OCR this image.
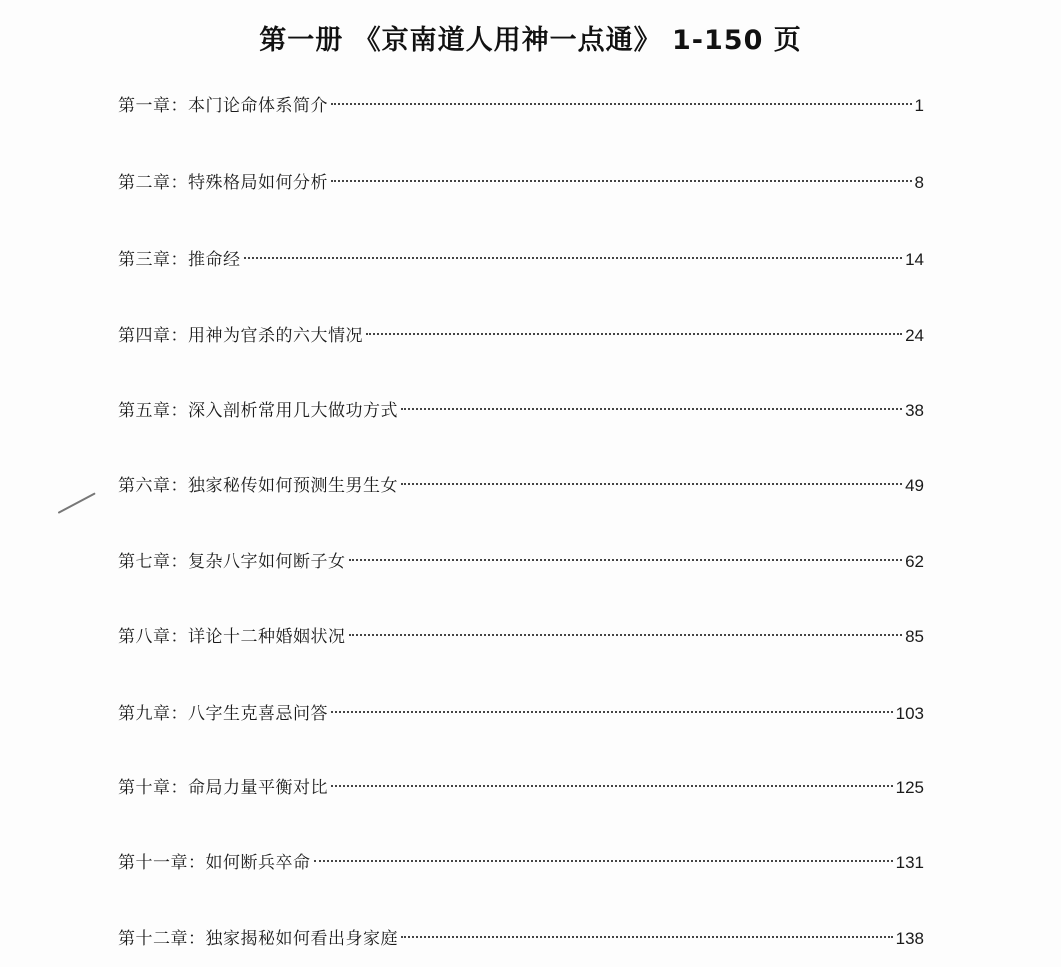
第一册 《京南道人用神一点通》 1-150 页
第一章：本门论命体系简介	1
第二章：特殊格局如何分析	8
第三章：推命经	14
第四章：用神为官杀的六大情况	24
第五章：深入剖析常用几大做功方式	38
第六章：独家秘传如何预测生男生女	49
第七章：复杂八字如何断子女	62
第八章：详论十二种婚姻状况	85
第九章：八字生克喜忌问答	103
第十章：命局力量平衡对比	125
第十一章：如何断兵卒命	131
第十二章：独家揭秘如何看出身家庭	138
